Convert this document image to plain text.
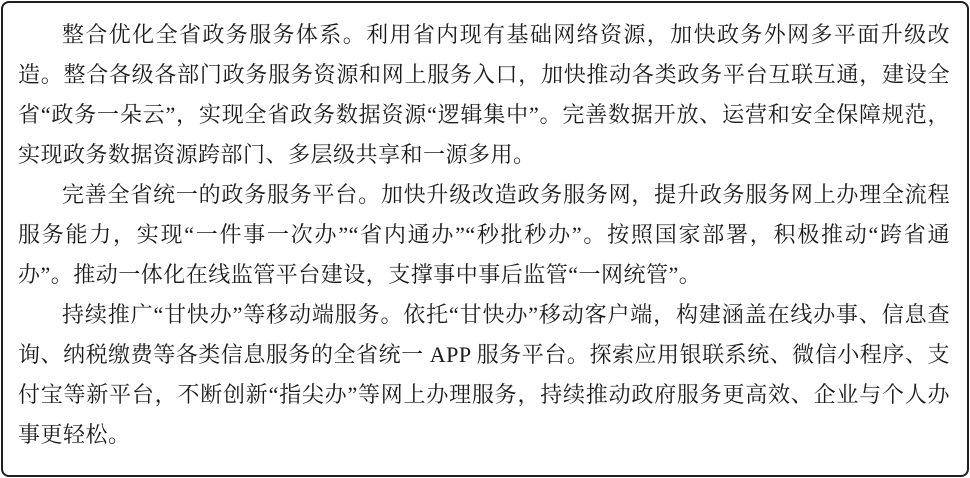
整合优化全省政务服务体系。利用省内现有基础网络资源，加快政务外网多平面升级改造。整合各级各部门政务服务资源和网上服务入口，加快推动各类政务平台互联互通，建设全省“政务一朵云”，实现全省政务数据资源“逻辑集中”。完善数据开放、运营和安全保障规范，实现政务数据资源跨部门、多层级共享和一源多用。

完善全省统一的政务服务平台。加快升级改造政务服务网，提升政务服务网上办理全流程服务能力，实现“一件事一次办”“省内通办”“秒批秒办”。按照国家部署，积极推动“跨省通办”。推动一体化在线监管平台建设，支撑事中事后监管“一网统管”。

持续推广“甘快办”等移动端服务。依托“甘快办”移动客户端，构建涵盖在线办事、信息查询、纳税缴费等各类信息服务的全省统一 APP 服务平台。探索应用银联系统、微信小程序、支付宝等新平台，不断创新“指尖办”等网上办理服务，持续推动政府服务更高效、企业与个人办事更轻松。
